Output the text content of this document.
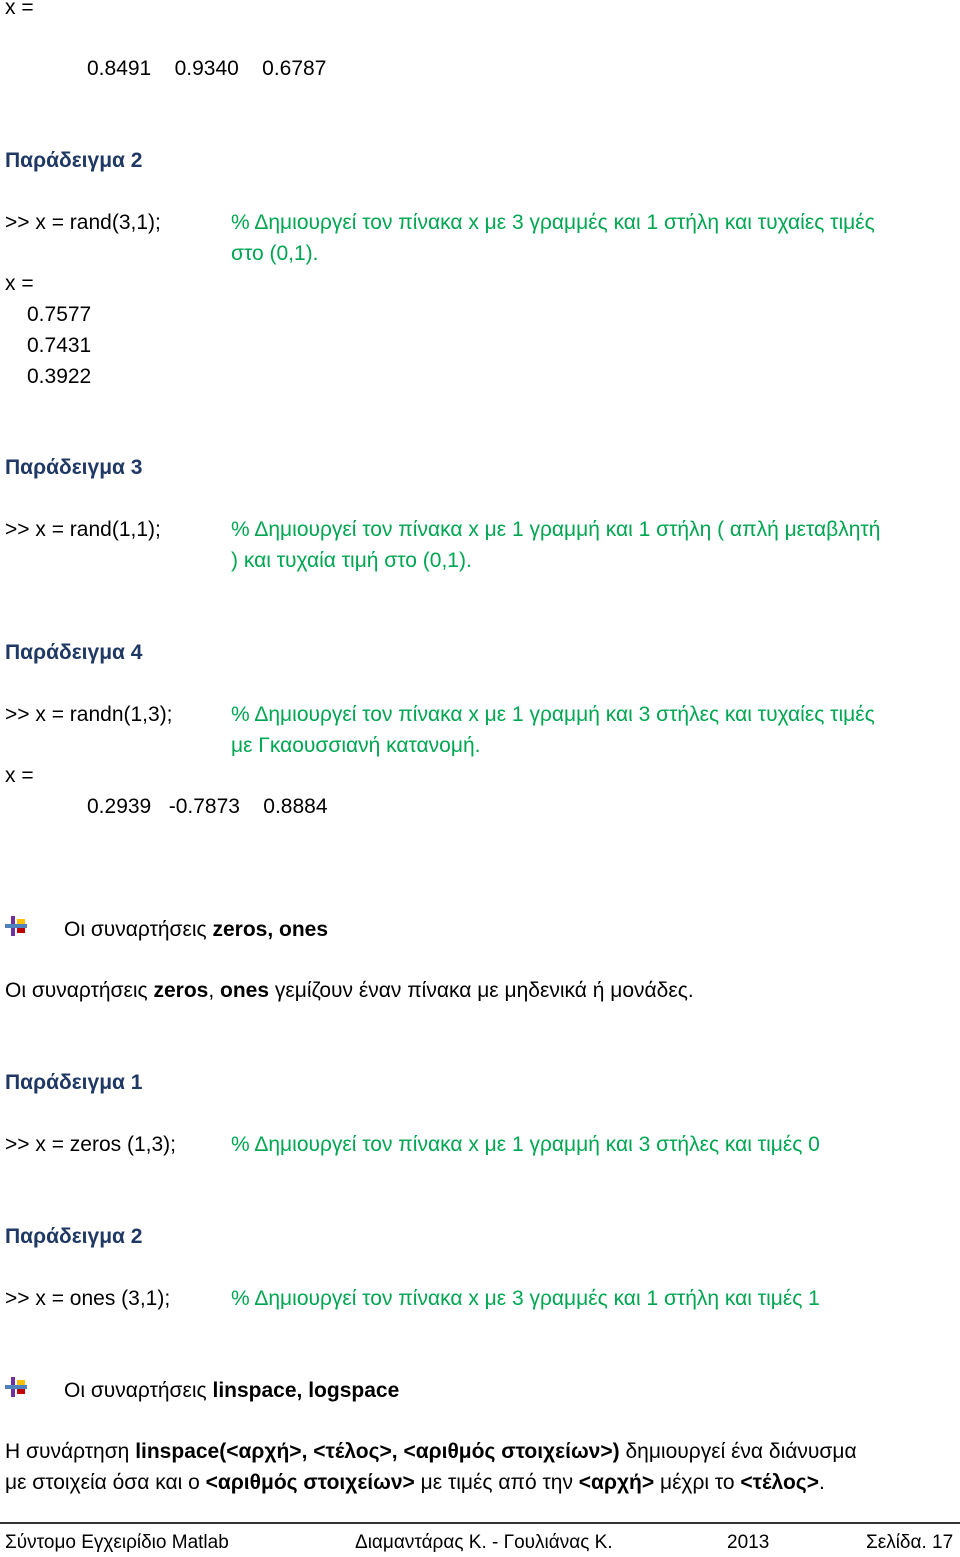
x =
0.8491    0.9340    0.6787
Παράδειγμα 2
>> x = rand(3,1);	% Δημιουργεί τον πίνακα x με 3 γραμμές και 1 στήλη και τυχαίες τιμές
στο (0,1).
x =
0.7577
0.7431
0.3922
Παράδειγμα 3
>> x = rand(1,1);	% Δημιουργεί τον πίνακα x με 1 γραμμή και 1 στήλη ( απλή μεταβλητή
) και τυχαία τιμή στο (0,1).
Παράδειγμα 4
>> x = randn(1,3);	% Δημιουργεί τον πίνακα x με 1 γραμμή και 3 στήλες και τυχαίες τιμές
με Γκαουσσιανή κατανομή.
x =
0.2939   -0.7873    0.8884
Οι συναρτήσεις zeros, ones
Οι συναρτήσεις zeros, ones γεμίζουν έναν πίνακα με μηδενικά ή μονάδες.
Παράδειγμα 1
>> x = zeros (1,3);	% Δημιουργεί τον πίνακα x με 1 γραμμή και 3 στήλες και τιμές 0
Παράδειγμα 2
>> x = ones (3,1);	% Δημιουργεί τον πίνακα x με 3 γραμμές και 1 στήλη και τιμές 1
Οι συναρτήσεις linspace, logspace
Η συνάρτηση linspace(<αρχή>, <τέλος>, <αριθμός στοιχείων>) δημιουργεί ένα διάνυσμα
με στοιχεία όσα και ο <αριθμός στοιχείων> με τιμές από την <αρχή> μέχρι το <τέλος>.
Σύντομο Εγχειρίδιο Matlab	Διαμαντάρας Κ. - Γουλιάνας Κ.	2013	Σελίδα. 17
